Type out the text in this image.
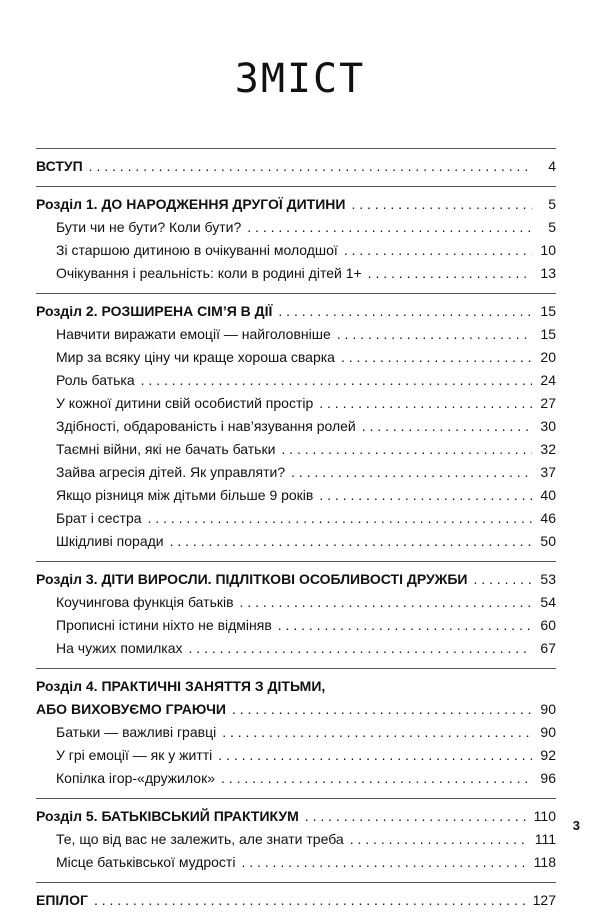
ЗМІСТ
ВСТУП . . .	4
Розділ 1. ДО НАРОДЖЕННЯ ДРУГОЇ ДИТИНИ . . .	5
Бути чи не бути? Коли бути? . . .	5
Зі старшою дитиною в очікуванні молодшої . . .	10
Очікування і реальність: коли в родині дітей 1+ . . .	13
Розділ 2. РОЗШИРЕНА СІМ’Я В ДІЇ . . .	15
Навчити виражати емоції — найголовніше . . .	15
Мир за всяку ціну чи краще хороша сварка . . .	20
Роль батька . . .	24
У кожної дитини свій особистий простір . . .	27
Здібності, обдарованість і нав’язування ролей . . .	30
Таємні війни, які не бачать батьки . . .	32
Зайва агресія дітей. Як управляти? . . .	37
Якщо різниця між дітьми більше 9 років . . .	40
Брат і сестра . . .	46
Шкідливі поради . . .	50
Розділ 3. ДІТИ ВИРОСЛИ. ПІДЛІТКОВІ ОСОБЛИВОСТІ ДРУЖБИ . . .	53
Коучингова функція батьків . . .	54
Прописні істини ніхто не відміняв . . .	60
На чужих помилках . . .	67
Розділ 4. ПРАКТИЧНІ ЗАНЯТТЯ З ДІТЬМИ,
АБО ВИХОВУЄМО ГРАЮЧИ . . .	90
Батьки — важливі гравці . . .	90
У грі емоції — як у житті . . .	92
Копілка ігор-«дружилок» . . .	96
Розділ 5. БАТЬКІВСЬКИЙ ПРАКТИКУМ . . .	110
Те, що від вас не залежить, але знати треба . . .	111
Місце батьківської мудрості . . .	118
ЕПІЛОГ . . .	127
3
